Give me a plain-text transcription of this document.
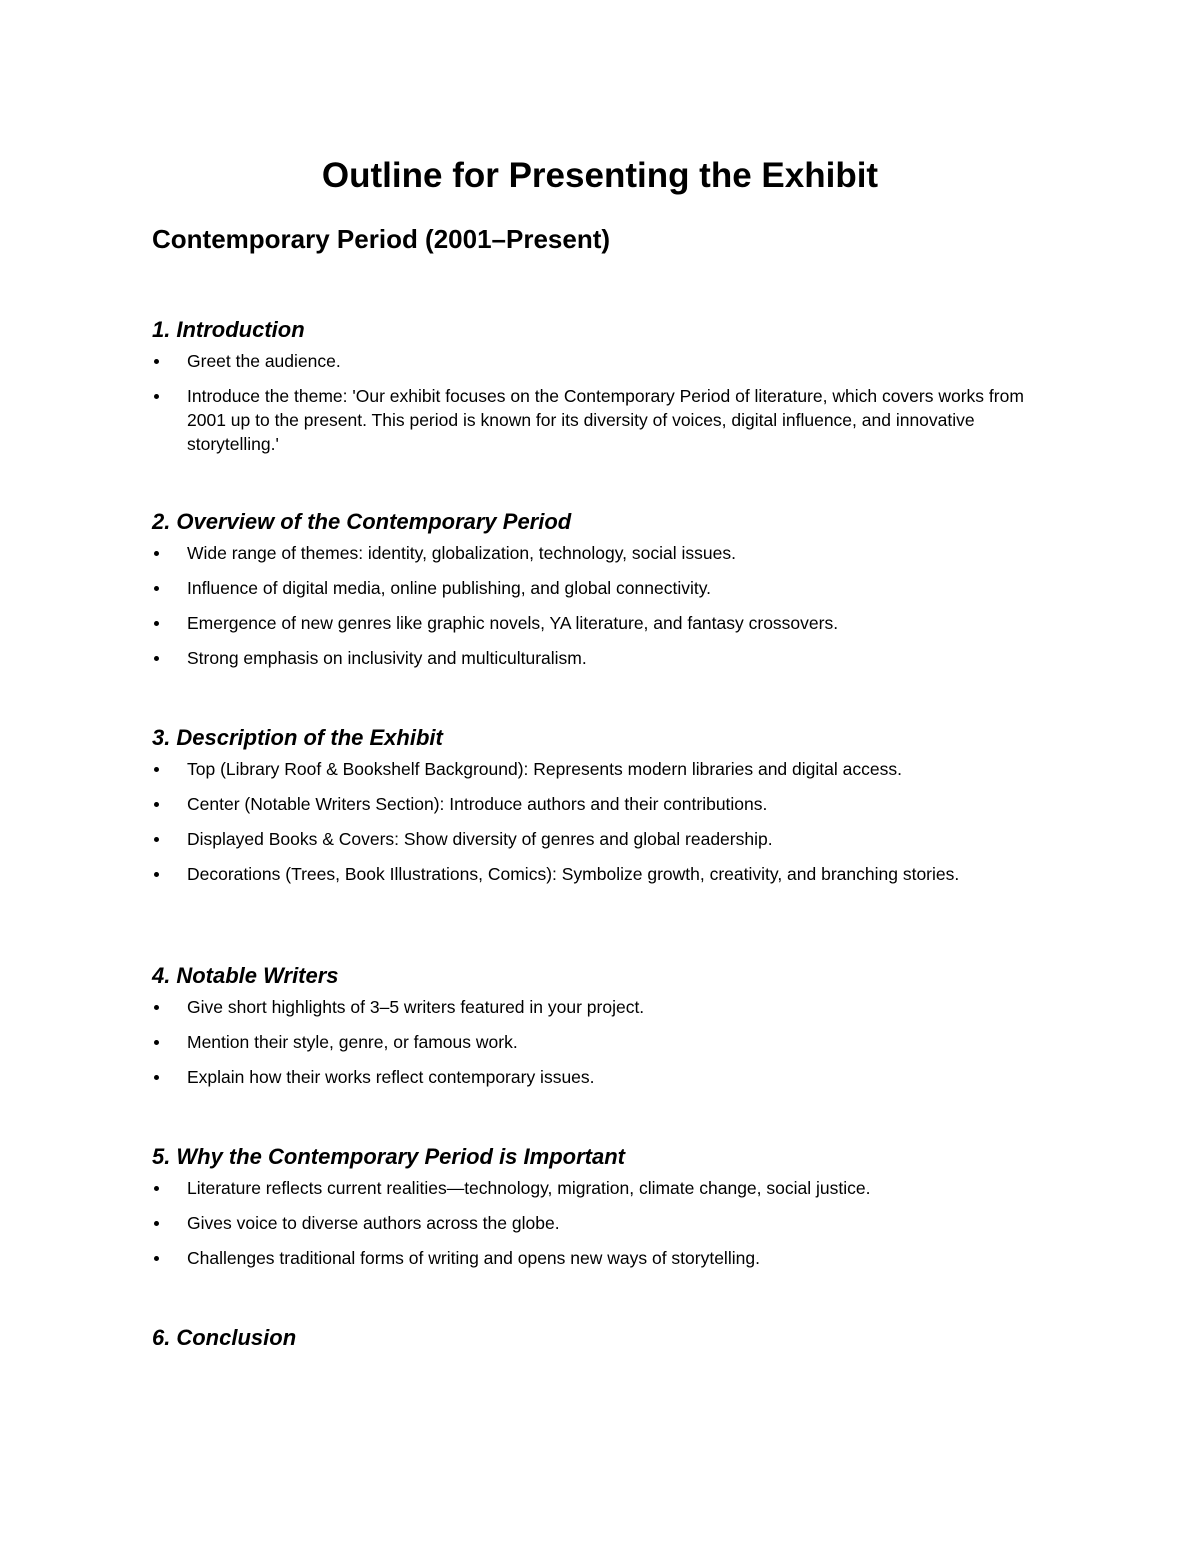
Outline for Presenting the Exhibit
Contemporary Period (2001–Present)
1. Introduction
Greet the audience.
Introduce the theme: 'Our exhibit focuses on the Contemporary Period of literature, which covers works from 2001 up to the present. This period is known for its diversity of voices, digital influence, and innovative storytelling.'
2. Overview of the Contemporary Period
Wide range of themes: identity, globalization, technology, social issues.
Influence of digital media, online publishing, and global connectivity.
Emergence of new genres like graphic novels, YA literature, and fantasy crossovers.
Strong emphasis on inclusivity and multiculturalism.
3. Description of the Exhibit
Top (Library Roof & Bookshelf Background): Represents modern libraries and digital access.
Center (Notable Writers Section): Introduce authors and their contributions.
Displayed Books & Covers: Show diversity of genres and global readership.
Decorations (Trees, Book Illustrations, Comics): Symbolize growth, creativity, and branching stories.
4. Notable Writers
Give short highlights of 3–5 writers featured in your project.
Mention their style, genre, or famous work.
Explain how their works reflect contemporary issues.
5. Why the Contemporary Period is Important
Literature reflects current realities—technology, migration, climate change, social justice.
Gives voice to diverse authors across the globe.
Challenges traditional forms of writing and opens new ways of storytelling.
6. Conclusion
